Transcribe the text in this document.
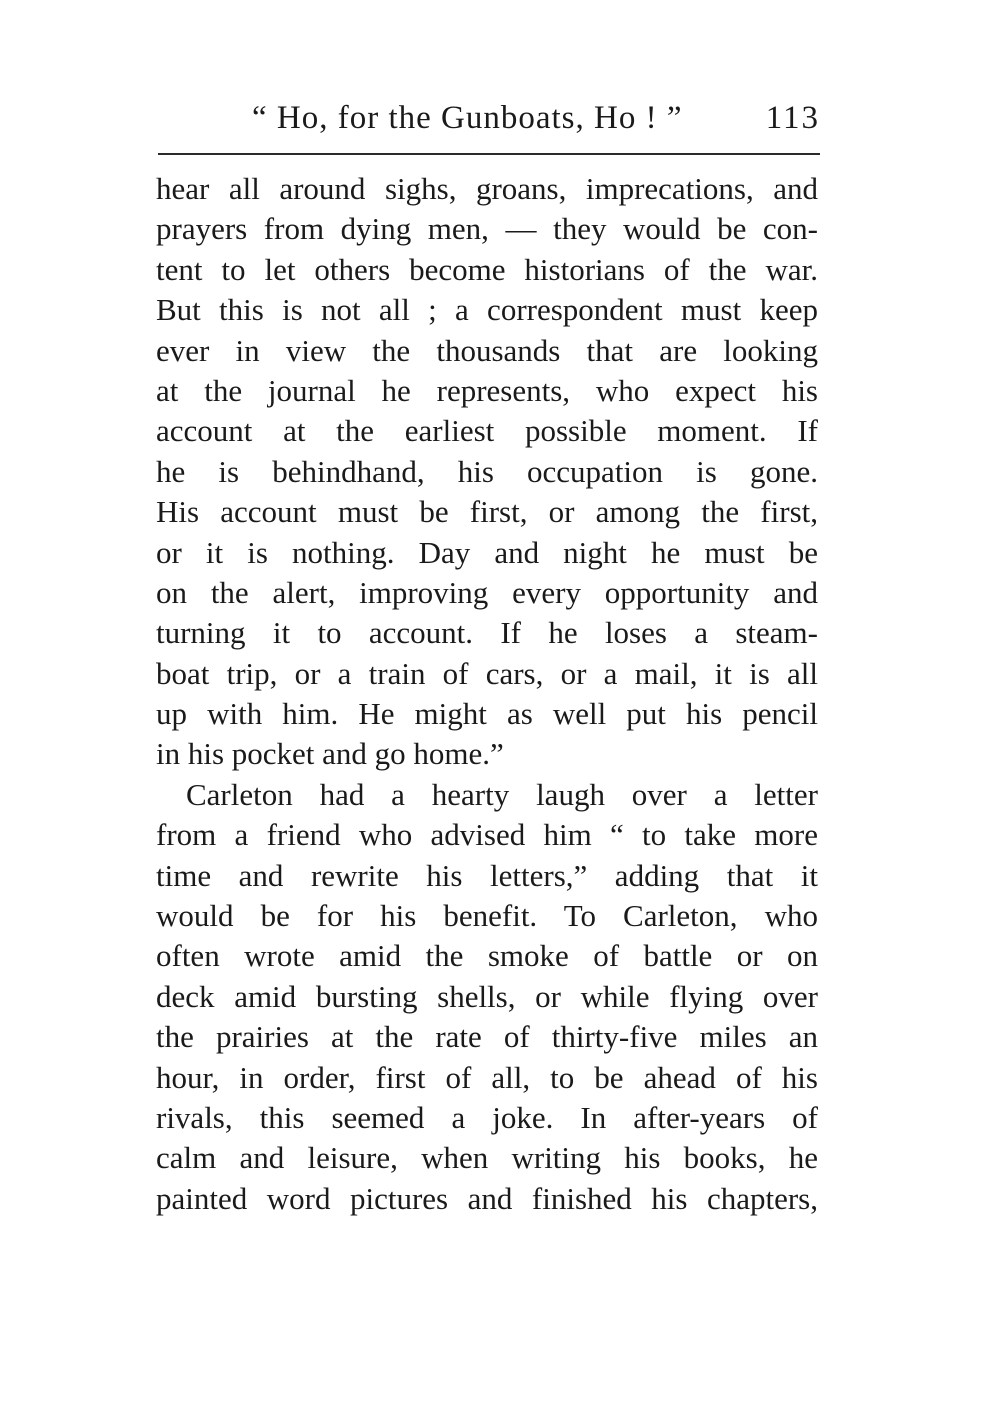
“ Ho, for the Gunboats, Ho ! ”	113
hear all around sighs, groans, imprecations, and
prayers from dying men, — they would be con-
tent to let others become historians of the war.
But this is not all ; a correspondent must keep
ever in view the thousands that are looking
at the journal he represents, who expect his
account at the earliest possible moment. If
he is behindhand, his occupation is gone.
His account must be first, or among the first,
or it is nothing. Day and night he must be
on the alert, improving every opportunity and
turning it to account. If he loses a steam-
boat trip, or a train of cars, or a mail, it is all
up with him. He might as well put his pencil
in his pocket and go home.”
Carleton had a hearty laugh over a letter
from a friend who advised him “ to take more
time and rewrite his letters,” adding that it
would be for his benefit. To Carleton, who
often wrote amid the smoke of battle or on
deck amid bursting shells, or while flying over
the prairies at the rate of thirty-five miles an
hour, in order, first of all, to be ahead of his
rivals, this seemed a joke. In after-years of
calm and leisure, when writing his books, he
painted word pictures and finished his chapters,
